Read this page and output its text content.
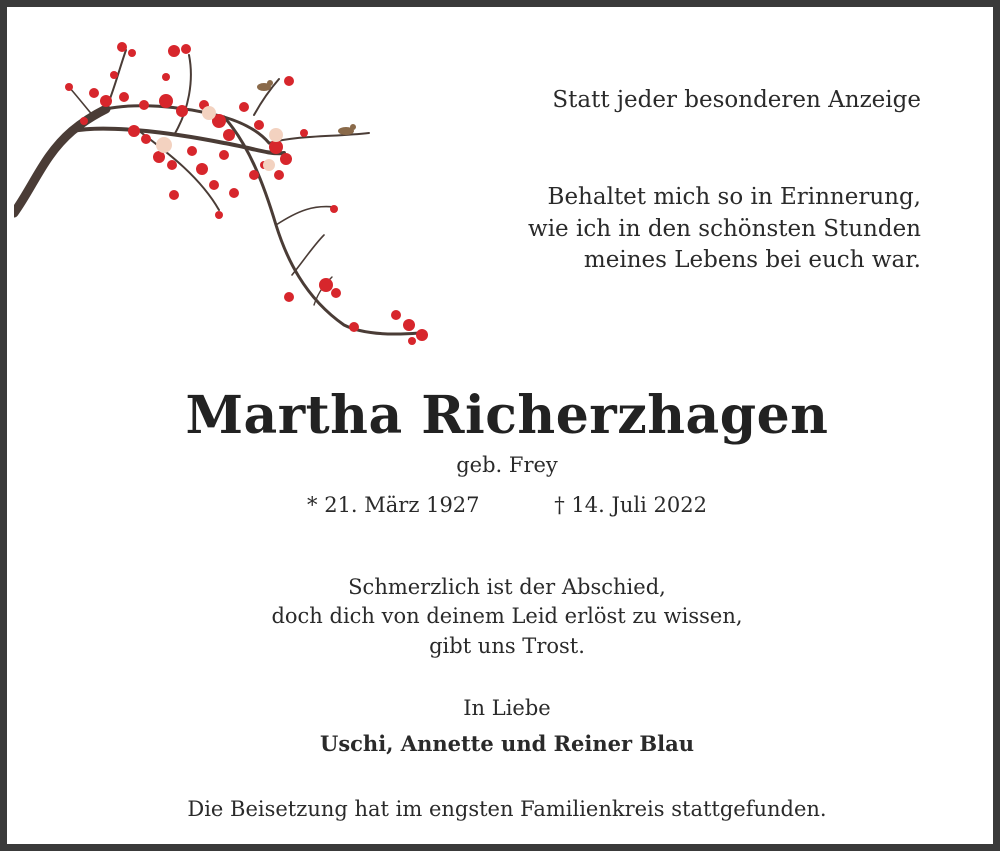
Statt jeder besonderen Anzeige
Behaltet mich so in Erinnerung,
wie ich in den schönsten Stunden
meines Lebens bei euch war.
Martha Richerzhagen
geb. Frey
* 21. März 1927	† 14. Juli 2022
Schmerzlich ist der Abschied,
doch dich von deinem Leid erlöst zu wissen,
gibt uns Trost.
In Liebe
Uschi, Annette und Reiner Blau
Die Beisetzung hat im engsten Familienkreis stattgefunden.
